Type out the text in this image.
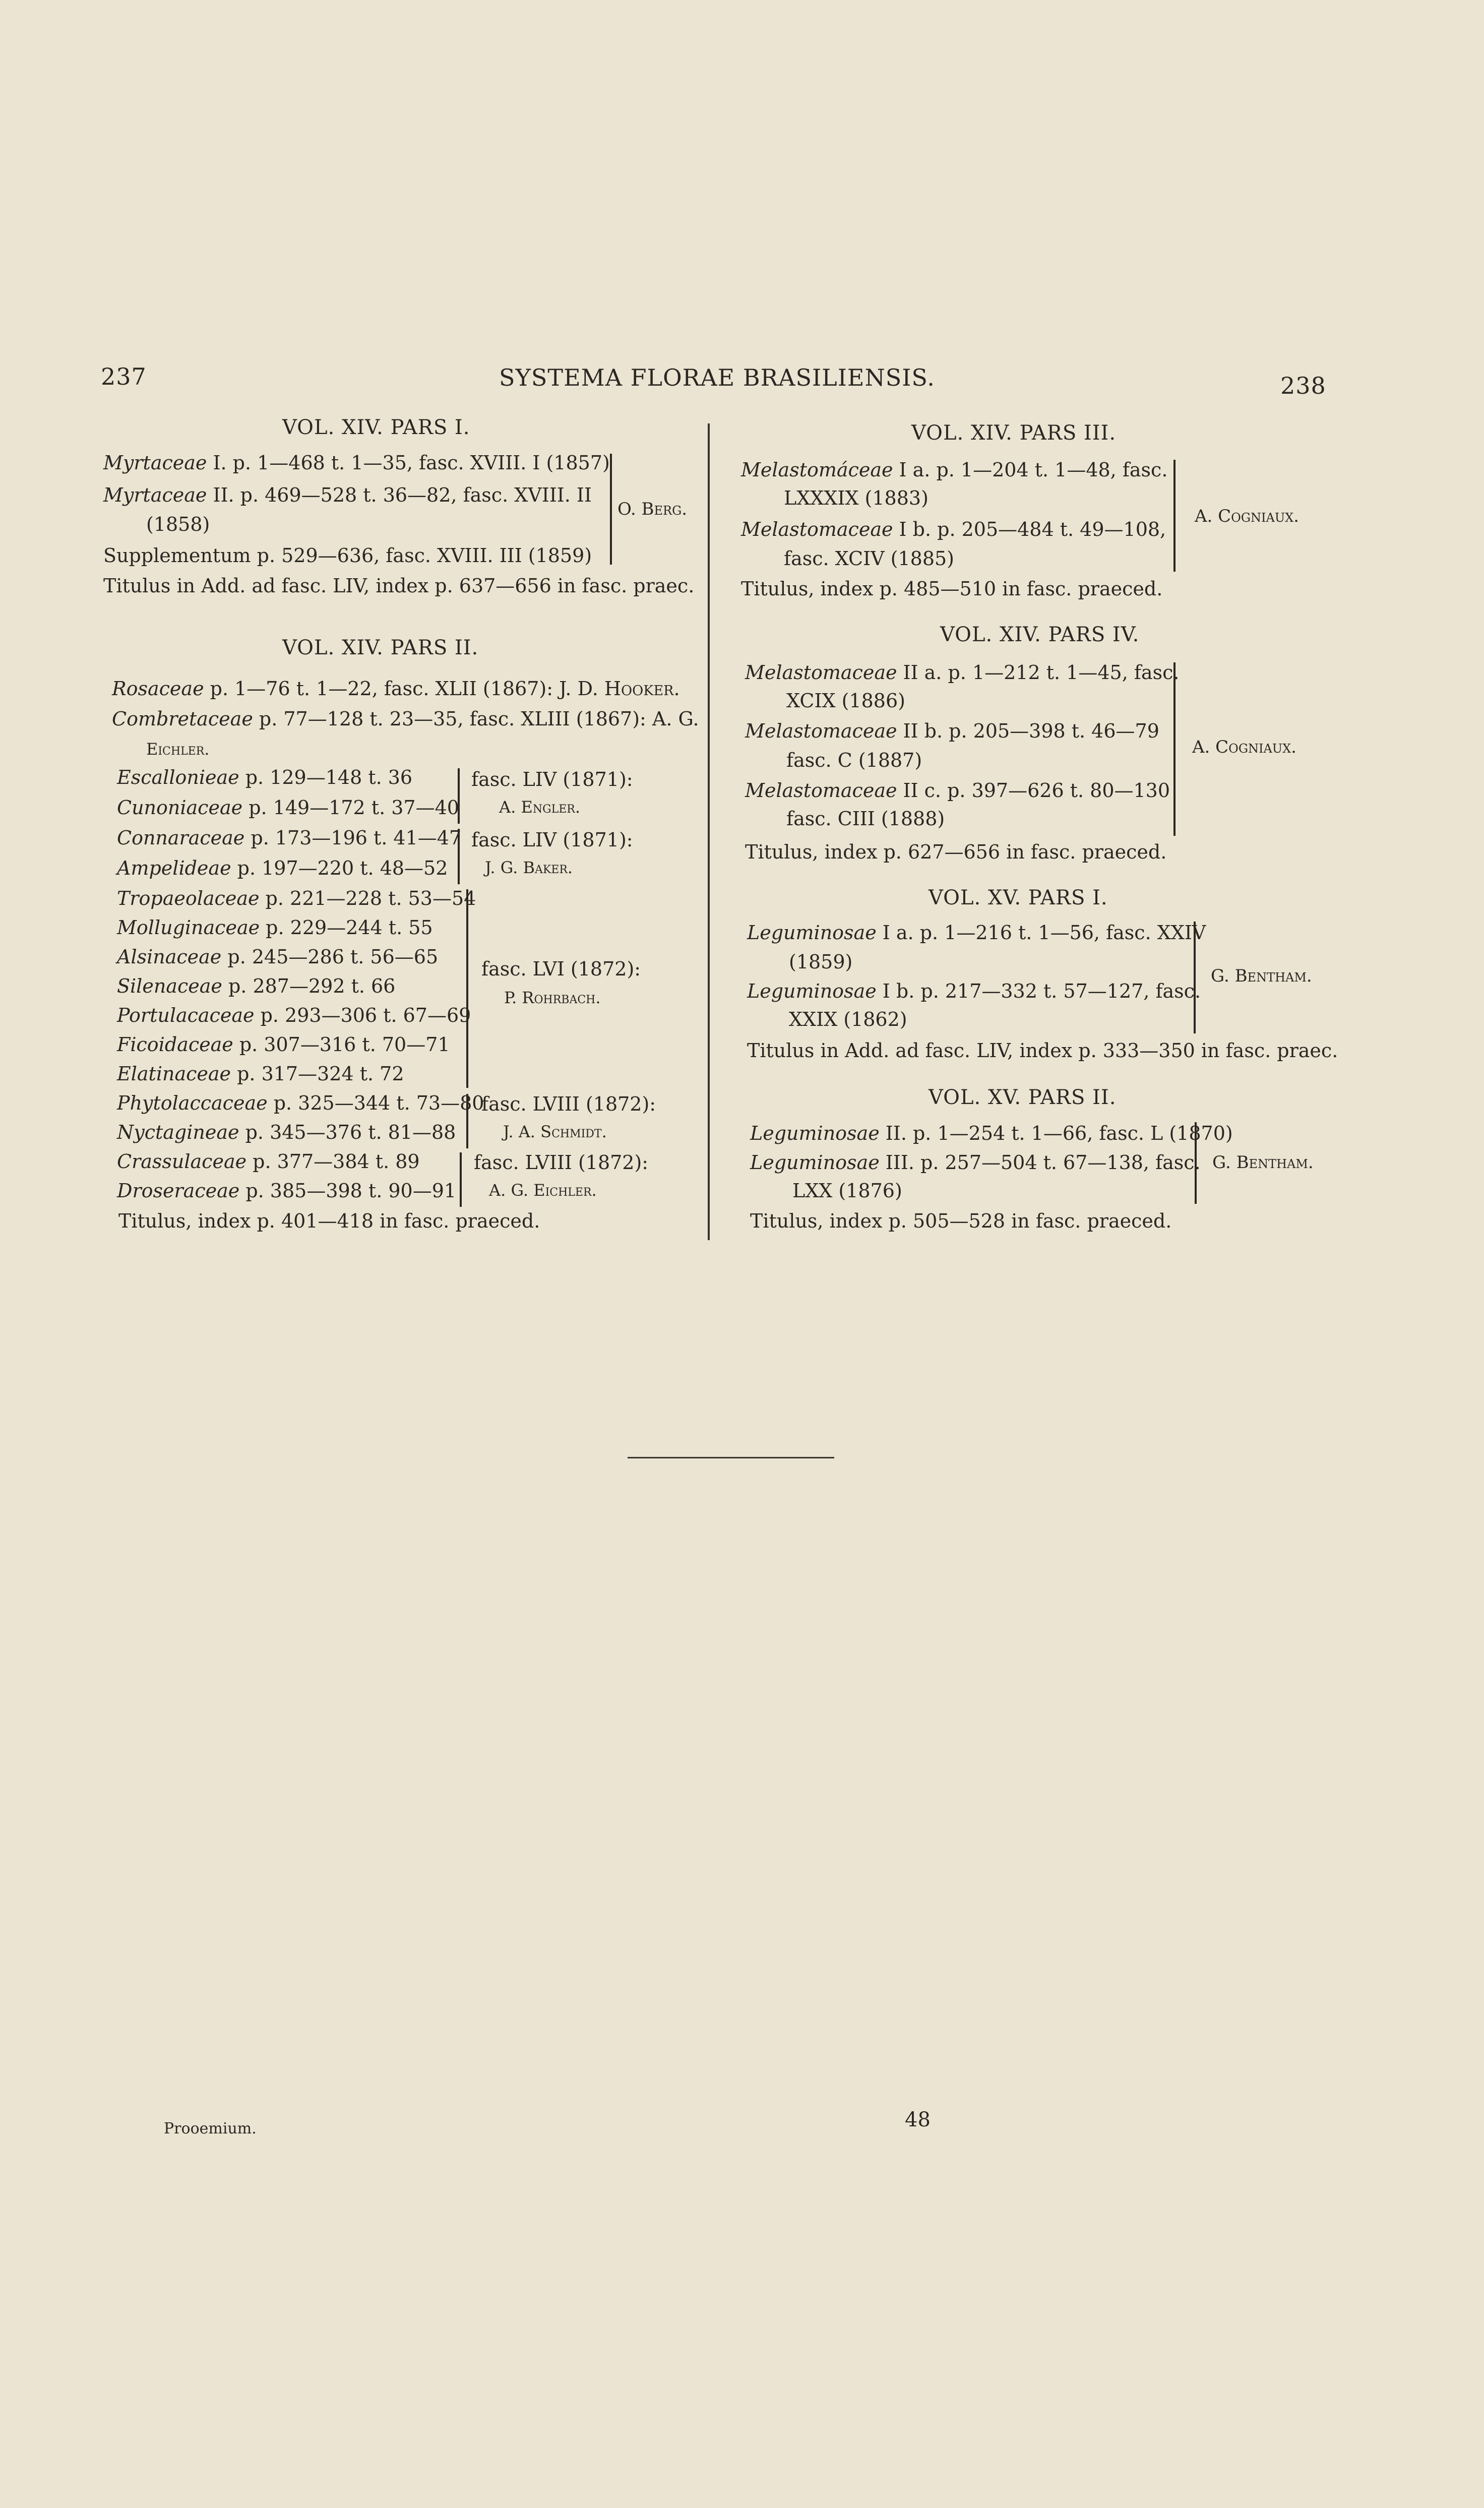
237	SYSTEMA FLORAE BRASILIENSIS.	238
VOL. XIV. PARS I.
Myrtaceae I. p. 1—468 t. 1—35, fasc. XVIII. I (1857)
Myrtaceae II. p. 469—528 t. 36—82, fasc. XVIII. II
(1858)
Supplementum p. 529—636, fasc. XVIII. III (1859)
O. Berg.
Titulus in Add. ad fasc. LIV, index p. 637—656 in fasc. praec.
VOL. XIV. PARS II.
Rosaceae p. 1—76 t. 1—22, fasc. XLII (1867): J. D. Hooker.
Combretaceae p. 77—128 t. 23—35, fasc. XLIII (1867): A. G.
Eichler.
Escallonieae p. 129—148 t. 36
Cunoniaceae p. 149—172 t. 37—40
fasc. LIV (1871):
A. Engler.
Connaraceae p. 173—196 t. 41—47
Ampelideae p. 197—220 t. 48—52
fasc. LIV (1871):
J. G. Baker.
Tropaeolaceae p. 221—228 t. 53—54
Molluginaceae p. 229—244 t. 55
Alsinaceae p. 245—286 t. 56—65
Silenaceae p. 287—292 t. 66
Portulacaceae p. 293—306 t. 67—69
Ficoidaceae p. 307—316 t. 70—71
Elatinaceae p. 317—324 t. 72
fasc. LVI (1872):
P. Rohrbach.
Phytolaccaceae p. 325—344 t. 73—80
Nyctagineae p. 345—376 t. 81—88
fasc. LVIII (1872):
J. A. Schmidt.
Crassulaceae p. 377—384 t. 89
Droseraceae p. 385—398 t. 90—91
fasc. LVIII (1872):
A. G. Eichler.
Titulus, index p. 401—418 in fasc. praeced.
VOL. XIV. PARS III.
Melastomáceae I a. p. 1—204 t. 1—48, fasc.
LXXXIX (1883)
Melastomaceae I b. p. 205—484 t. 49—108,
fasc. XCIV (1885)
A. Cogniaux.
Titulus, index p. 485—510 in fasc. praeced.
VOL. XIV. PARS IV.
Melastomaceae II a. p. 1—212 t. 1—45, fasc.
XCIX (1886)
Melastomaceae II b. p. 205—398 t. 46—79
fasc. C (1887)
Melastomaceae II c. p. 397—626 t. 80—130
fasc. CIII (1888)
A. Cogniaux.
Titulus, index p. 627—656 in fasc. praeced.
VOL. XV. PARS I.
Leguminosae I a. p. 1—216 t. 1—56, fasc. XXIV
(1859)
Leguminosae I b. p. 217—332 t. 57—127, fasc.
XXIX (1862)
G. Bentham.
Titulus in Add. ad fasc. LIV, index p. 333—350 in fasc. praec.
VOL. XV. PARS II.
Leguminosae II. p. 1—254 t. 1—66, fasc. L (1870)
Leguminosae III. p. 257—504 t. 67—138, fasc.
LXX (1876)
G. Bentham.
Titulus, index p. 505—528 in fasc. praeced.
Prooemium.	48
